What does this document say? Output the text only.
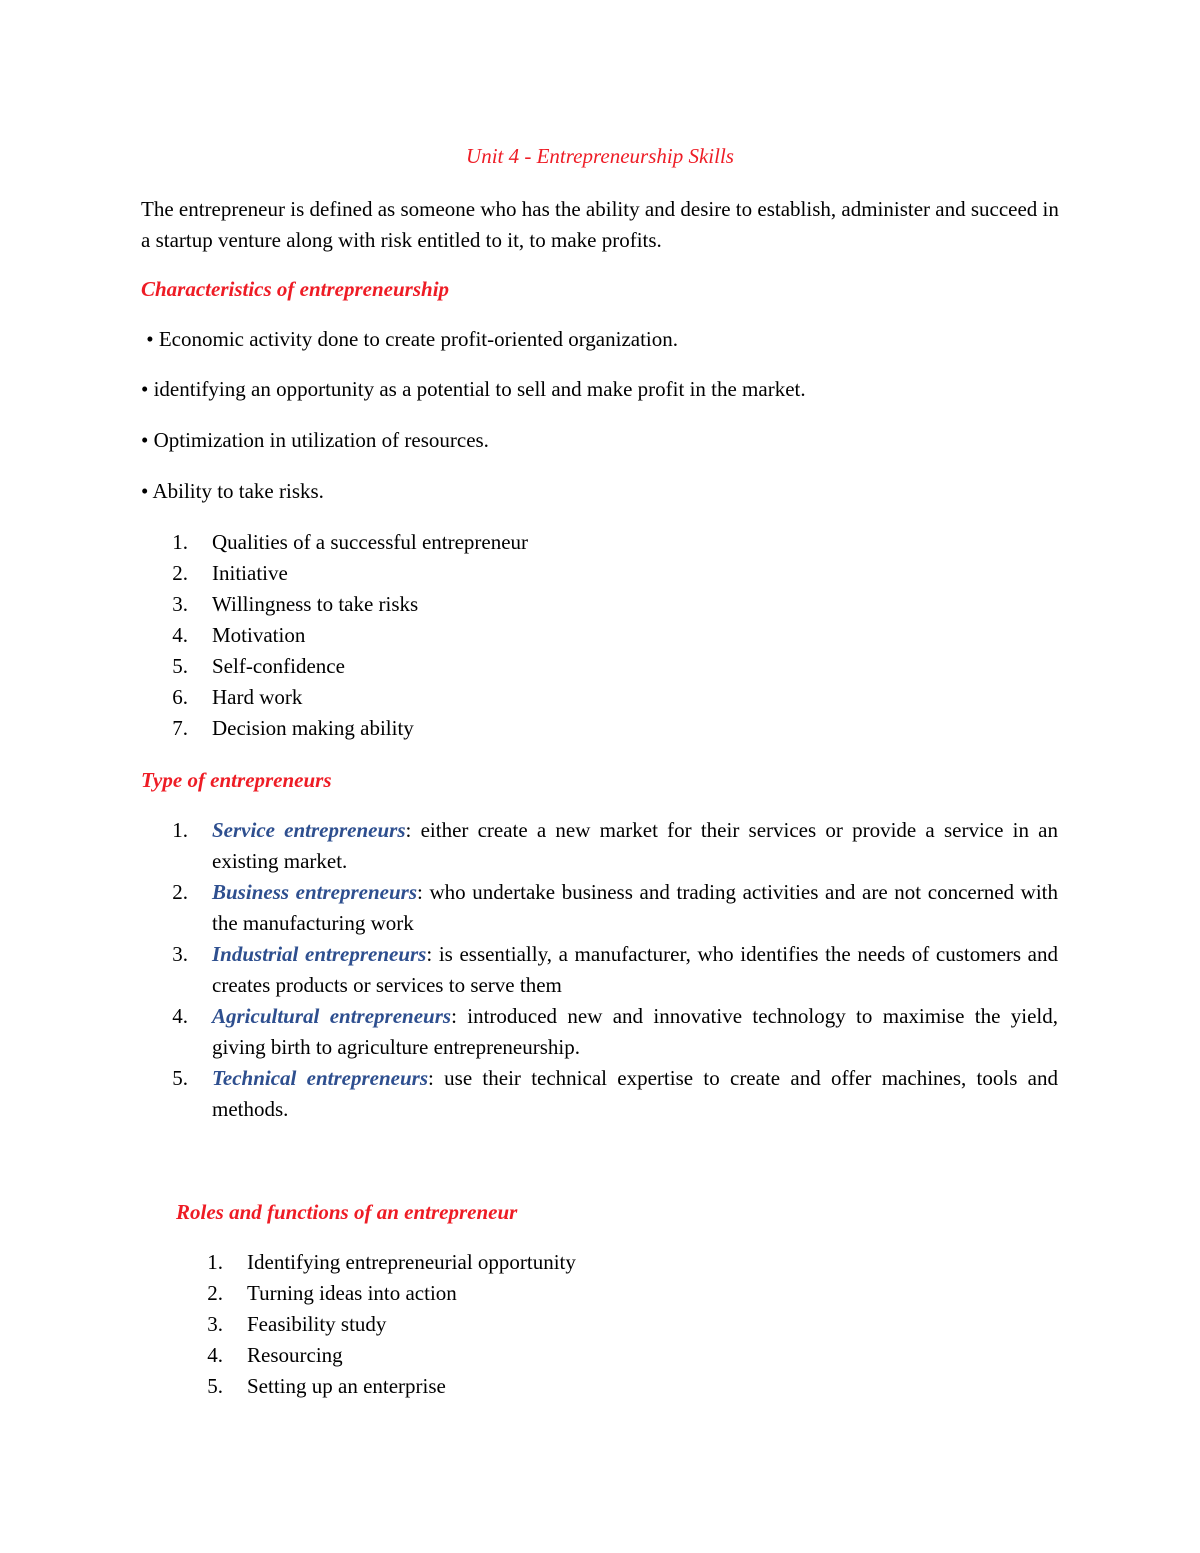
Unit 4 - Entrepreneurship Skills
The entrepreneur is defined as someone who has the ability and desire to establish, administer and succeed in a startup venture along with risk entitled to it, to make profits.
Characteristics of entrepreneurship
• Economic activity done to create profit-oriented organization.
• identifying an opportunity as a potential to sell and make profit in the market.
• Optimization in utilization of resources.
• Ability to take risks.
1. Qualities of a successful entrepreneur
2. Initiative
3. Willingness to take risks
4. Motivation
5. Self-confidence
6. Hard work
7. Decision making ability
Type of entrepreneurs
1. Service entrepreneurs: either create a new market for their services or provide a service in an existing market.
2. Business entrepreneurs: who undertake business and trading activities and are not concerned with the manufacturing work
3. Industrial entrepreneurs: is essentially, a manufacturer, who identifies the needs of customers and creates products or services to serve them
4. Agricultural entrepreneurs: introduced new and innovative technology to maximise the yield, giving birth to agriculture entrepreneurship.
5. Technical entrepreneurs: use their technical expertise to create and offer machines, tools and methods.
Roles and functions of an entrepreneur
1. Identifying entrepreneurial opportunity
2. Turning ideas into action
3. Feasibility study
4. Resourcing
5. Setting up an enterprise
